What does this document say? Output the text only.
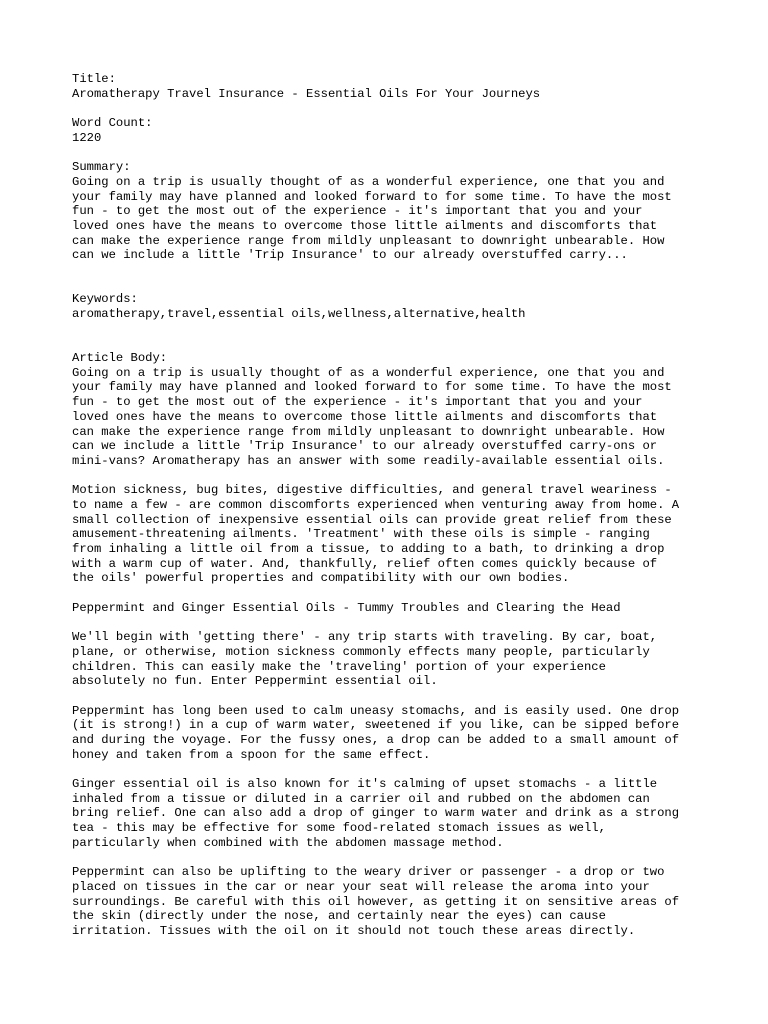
Title:
Aromatherapy Travel Insurance - Essential Oils For Your Journeys
Word Count:
1220
Summary:
Going on a trip is usually thought of as a wonderful experience, one that you and
your family may have planned and looked forward to for some time. To have the most
fun - to get the most out of the experience - it's important that you and your
loved ones have the means to overcome those little ailments and discomforts that
can make the experience range from mildly unpleasant to downright unbearable. How
can we include a little 'Trip Insurance' to our already overstuffed carry...
Keywords:
aromatherapy,travel,essential oils,wellness,alternative,health
Article Body:
Going on a trip is usually thought of as a wonderful experience, one that you and
your family may have planned and looked forward to for some time. To have the most
fun - to get the most out of the experience - it's important that you and your
loved ones have the means to overcome those little ailments and discomforts that
can make the experience range from mildly unpleasant to downright unbearable. How
can we include a little 'Trip Insurance' to our already overstuffed carry-ons or
mini-vans? Aromatherapy has an answer with some readily-available essential oils.
Motion sickness, bug bites, digestive difficulties, and general travel weariness -
to name a few - are common discomforts experienced when venturing away from home. A
small collection of inexpensive essential oils can provide great relief from these
amusement-threatening ailments. 'Treatment' with these oils is simple - ranging
from inhaling a little oil from a tissue, to adding to a bath, to drinking a drop
with a warm cup of water. And, thankfully, relief often comes quickly because of
the oils' powerful properties and compatibility with our own bodies.
Peppermint and Ginger Essential Oils - Tummy Troubles and Clearing the Head
We'll begin with 'getting there' - any trip starts with traveling. By car, boat,
plane, or otherwise, motion sickness commonly effects many people, particularly
children. This can easily make the 'traveling' portion of your experience
absolutely no fun. Enter Peppermint essential oil.
Peppermint has long been used to calm uneasy stomachs, and is easily used. One drop
(it is strong!) in a cup of warm water, sweetened if you like, can be sipped before
and during the voyage. For the fussy ones, a drop can be added to a small amount of
honey and taken from a spoon for the same effect.
Ginger essential oil is also known for it's calming of upset stomachs - a little
inhaled from a tissue or diluted in a carrier oil and rubbed on the abdomen can
bring relief. One can also add a drop of ginger to warm water and drink as a strong
tea - this may be effective for some food-related stomach issues as well,
particularly when combined with the abdomen massage method.
Peppermint can also be uplifting to the weary driver or passenger - a drop or two
placed on tissues in the car or near your seat will release the aroma into your
surroundings. Be careful with this oil however, as getting it on sensitive areas of
the skin (directly under the nose, and certainly near the eyes) can cause
irritation. Tissues with the oil on it should not touch these areas directly.
